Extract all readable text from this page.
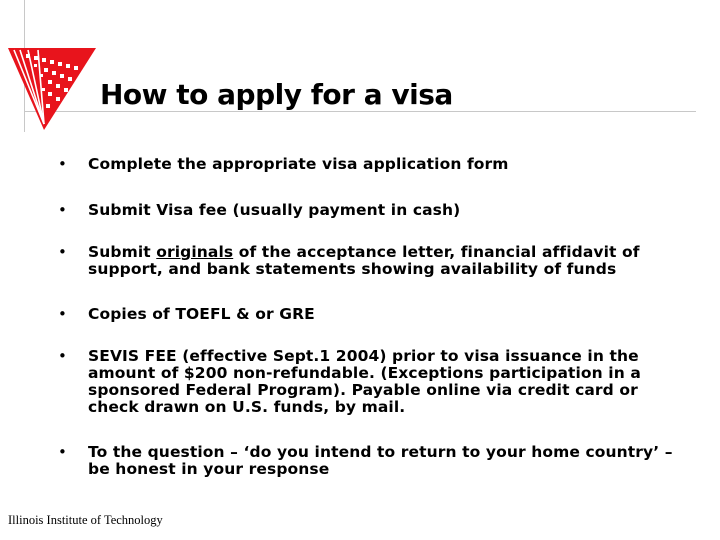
How to apply for a visa
• Complete the appropriate visa application form
• Submit Visa fee (usually payment in cash)
• Submit originals of the acceptance letter, financial affidavit of support, and bank statements showing availability of funds
• Copies of TOEFL & or GRE
• SEVIS FEE (effective Sept.1 2004) prior to visa issuance in the amount of $200 non-refundable. (Exceptions participation in a sponsored Federal Program). Payable online via credit card or check drawn on U.S. funds, by mail.
• To the question – ‘do you intend to return to your home country’ – be honest in your response
Illinois Institute of Technology
